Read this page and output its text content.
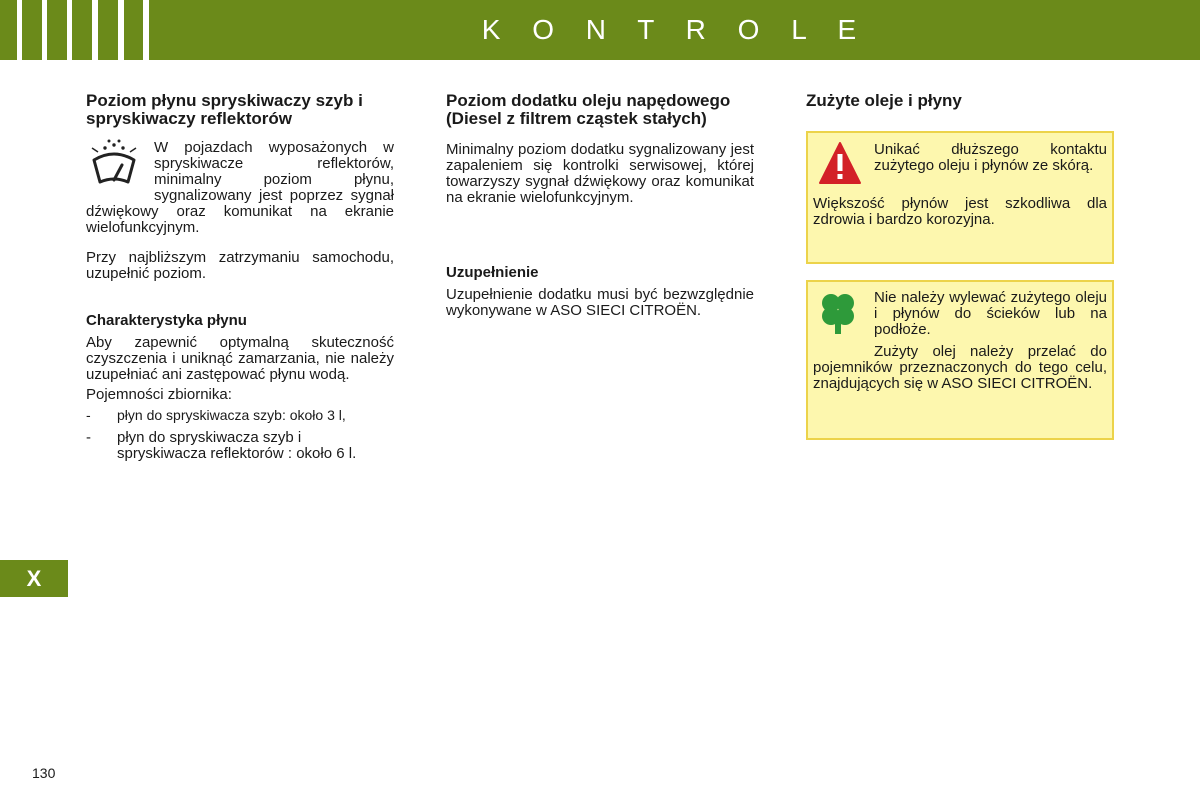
K O N T R O L E
Poziom płynu spryskiwaczy szyb i spryskiwaczy reflektorów

W pojazdach wyposażonych w spryskiwacze reflektorów, minimalny poziom płynu, sygnalizowany jest poprzez sygnał dźwiękowy oraz komunikat na ekranie wielofunkcyjnym.

Przy najbliższym zatrzymaniu samochodu, uzupełnić poziom.

Charakterystyka płynu

Aby zapewnić optymalną skuteczność czyszczenia i uniknąć zamarzania, nie należy uzupełniać ani zastępować płynu wodą.

Pojemności zbiornika:

- płyn do spryskiwacza szyb: około 3 l,
- płyn do spryskiwacza szyb i spryskiwacza reflektorów : około 6 l.
Poziom dodatku oleju napędowego (Diesel z filtrem cząstek stałych)

Minimalny poziom dodatku sygnalizowany jest zapaleniem się kontrolki serwisowej, której towarzyszy sygnał dźwiękowy oraz komunikat na ekranie wielofunkcyjnym.

Uzupełnienie

Uzupełnienie dodatku musi być bezwzględnie wykonywane w ASO SIECI CITROËN.

Zużyte oleje i płyny

Unikać dłuższego kontaktu zużytego oleju i płynów ze skórą.

Większość płynów jest szkodliwa dla zdrowia i bardzo korozyjna.

Nie należy wylewać zużytego oleju i płynów do ścieków lub na podłoże.

Zużyty olej należy przelać do pojemników przeznaczonych do tego celu, znajdujących się w ASO SIECI CITROËN.

X
130
